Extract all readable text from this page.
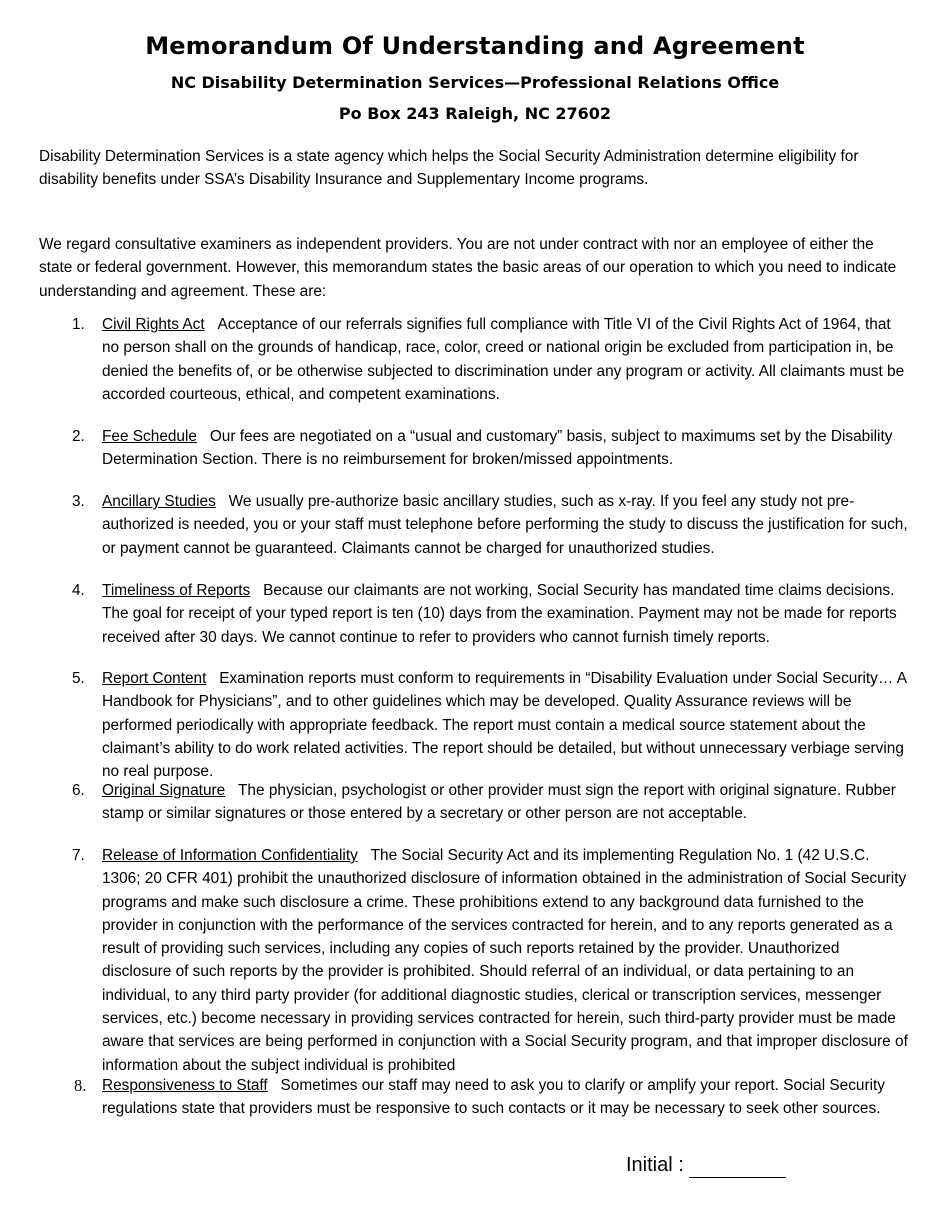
Memorandum Of Understanding and Agreement
NC Disability Determination Services—Professional Relations Office
Po Box 243 Raleigh, NC 27602
Disability Determination Services is a state agency which helps the Social Security Administration determine eligibility for disability benefits under SSA’s Disability Insurance and Supplementary Income programs.
We regard consultative examiners as independent providers. You are not under contract with nor an employee of either the state or federal government. However, this memorandum states the basic areas of our operation to which you need to indicate understanding and agreement. These are:
1.	Civil Rights Act Acceptance of our referrals signifies full compliance with Title VI of the Civil Rights Act of 1964, that no person shall on the grounds of handicap, race, color, creed or national origin be excluded from participation in, be denied the benefits of, or be otherwise subjected to discrimination under any program or activity. All claimants must be accorded courteous, ethical, and competent examinations.
2.	Fee Schedule Our fees are negotiated on a “usual and customary” basis, subject to maximums set by the Disability Determination Section. There is no reimbursement for broken/missed appointments.
3.	Ancillary Studies We usually pre-authorize basic ancillary studies, such as x-ray. If you feel any study not pre-authorized is needed, you or your staff must telephone before performing the study to discuss the justification for such, or payment cannot be guaranteed. Claimants cannot be charged for unauthorized studies.
4.	Timeliness of Reports Because our claimants are not working, Social Security has mandated time claims decisions. The goal for receipt of your typed report is ten (10) days from the examination. Payment may not be made for reports received after 30 days. We cannot continue to refer to providers who cannot furnish timely reports.
5.	Report Content Examination reports must conform to requirements in “Disability Evaluation under Social Security… A Handbook for Physicians”, and to other guidelines which may be developed. Quality Assurance reviews will be performed periodically with appropriate feedback. The report must contain a medical source statement about the claimant’s ability to do work related activities. The report should be detailed, but without unnecessary verbiage serving no real purpose.
6.	Original Signature The physician, psychologist or other provider must sign the report with original signature. Rubber stamp or similar signatures or those entered by a secretary or other person are not acceptable.
7.	Release of Information Confidentiality The Social Security Act and its implementing Regulation No. 1 (42 U.S.C. 1306; 20 CFR 401) prohibit the unauthorized disclosure of information obtained in the administration of Social Security programs and make such disclosure a crime. These prohibitions extend to any background data furnished to the provider in conjunction with the performance of the services contracted for herein, and to any reports generated as a result of providing such services, including any copies of such reports retained by the provider. Unauthorized disclosure of such reports by the provider is prohibited. Should referral of an individual, or data pertaining to an individual, to any third party provider (for additional diagnostic studies, clerical or transcription services, messenger services, etc.) become necessary in providing services contracted for herein, such third-party provider must be made aware that services are being performed in conjunction with a Social Security program, and that improper disclosure of information about the subject individual is prohibited
8.	Responsiveness to Staff Sometimes our staff may need to ask you to clarify or amplify your report. Social Security regulations state that providers must be responsive to such contacts or it may be necessary to seek other sources.
Initial :
